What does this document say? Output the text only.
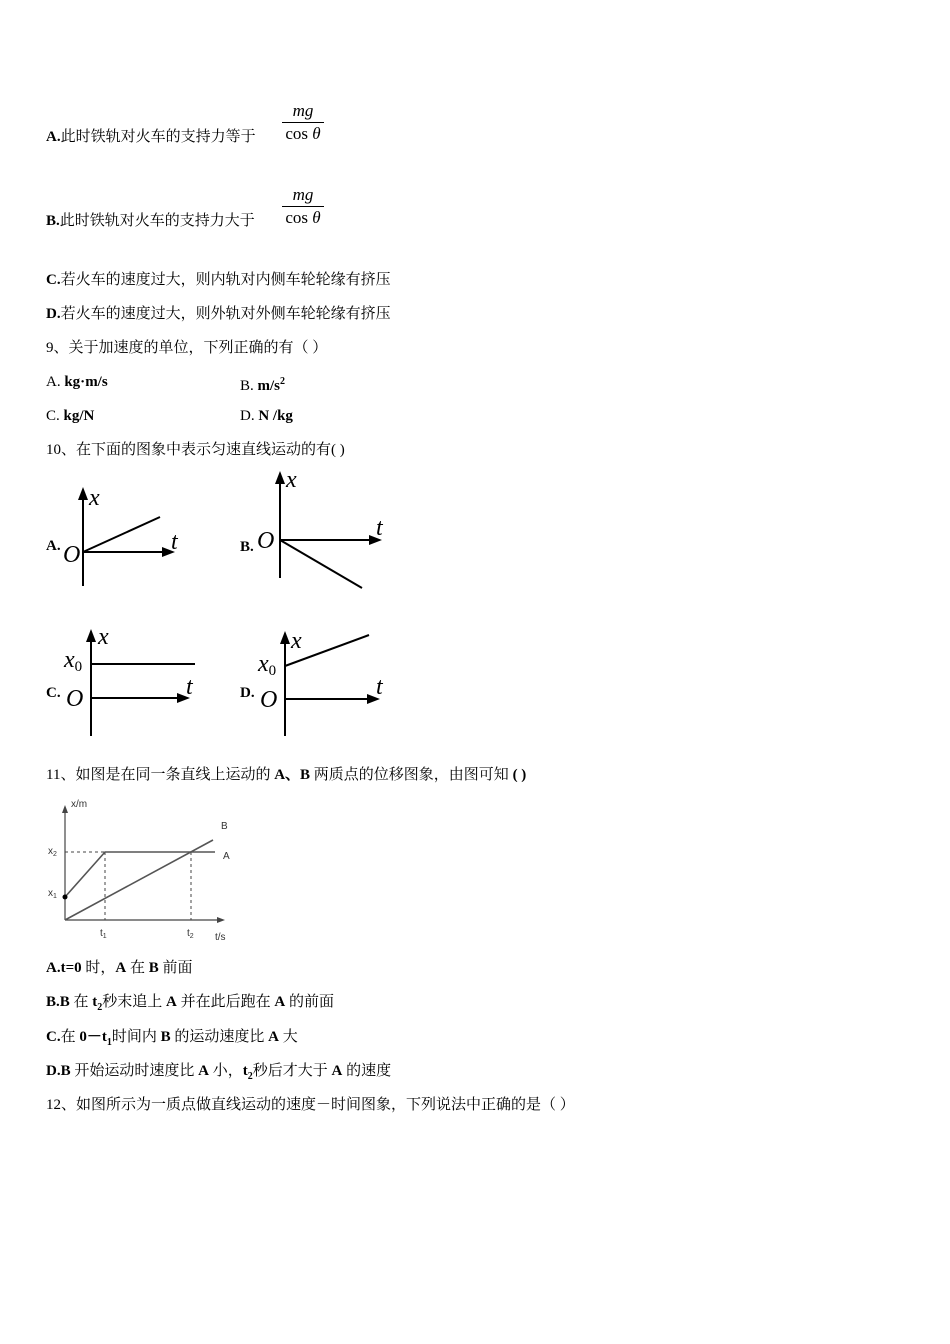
A.此时铁轨对火车的支持力等于
mg
cos θ
B.此时铁轨对火车的支持力大于
mg
cos θ
C.若火车的速度过大，则内轨对内侧车轮轮缘有挤压
D.若火车的速度过大，则外轨对外侧车轮轮缘有挤压
9、关于加速度的单位，下列正确的有（ ）
A. kg·m/s	B. $m/s^2$
C. kg/N	D. N /kg
10、在下面的图象中表示匀速直线运动的有( )
A.
x
t
O	B.
x
t
O
C.
x
t
O
x0
D.
x
t
O
x0
11、如图是在同一条直线上运动的 A、B 两质点的位移图象，由图可知 ( )
x/m
t/s
$x_2$
$x_1$
$t_1$	$t_2$
A
B
A.t=0 时，A 在 B 前面
B.B 在 $t_2$秒末追上 A 并在此后跑在 A 的前面
C.在 $0-t_1$时间内 B 的运动速度比 A 大
D.B 开始运动时速度比 A 小，$t_2$秒后才大于 A 的速度
12、如图所示为一质点做直线运动的速度－时间图象，下列说法中正确的是（ ）
